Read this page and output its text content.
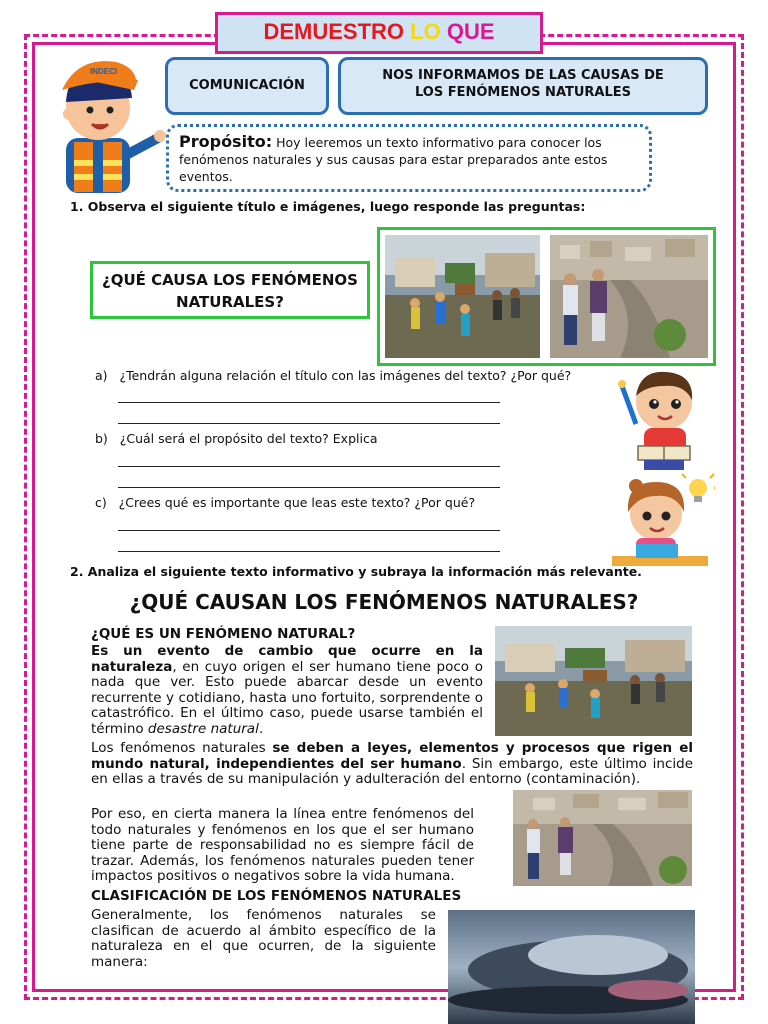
DEMUESTRO LO QUE
INDECI
COMUNICACIÓN
NOS INFORMAMOS DE LAS CAUSAS DE
LOS FENÓMENOS NATURALES
Propósito: Hoy leeremos un texto informativo para conocer los fenómenos naturales y sus causas para estar preparados ante estos eventos.
1. Observa el siguiente título e imágenes, luego responde las preguntas:
¿QUÉ CAUSA LOS FENÓMENOS
NATURALES?
a) ¿Tendrán alguna relación el título con las imágenes del texto? ¿Por qué?
b) ¿Cuál será el propósito del texto? Explica
c) ¿Crees qué es importante que leas este texto? ¿Por qué?
2. Analiza el siguiente texto informativo y subraya la información más relevante.
¿QUÉ CAUSAN LOS FENÓMENOS NATURALES?
¿QUÉ ES UN FENÓMENO NATURAL?
Es un evento de cambio que ocurre en la naturaleza, en cuyo origen el ser humano tiene poco o nada que ver. Esto puede abarcar desde un evento recurrente y cotidiano, hasta uno fortuito, sorprendente o catastrófico. En el último caso, puede usarse también el término desastre natural.
Los fenómenos naturales se deben a leyes, elementos y procesos que rigen el mundo natural, independientes del ser humano. Sin embargo, este último incide en ellas a través de su manipulación y adulteración del entorno (contaminación).
Por eso, en cierta manera la línea entre fenómenos del todo naturales y fenómenos en los que el ser humano tiene parte de responsabilidad no es siempre fácil de trazar. Además, los fenómenos naturales pueden tener impactos positivos o negativos sobre la vida humana.
CLASIFICACIÓN DE LOS FENÓMENOS NATURALES
Generalmente, los fenómenos naturales se clasifican de acuerdo al ámbito específico de la naturaleza en el que ocurren, de la siguiente manera:
